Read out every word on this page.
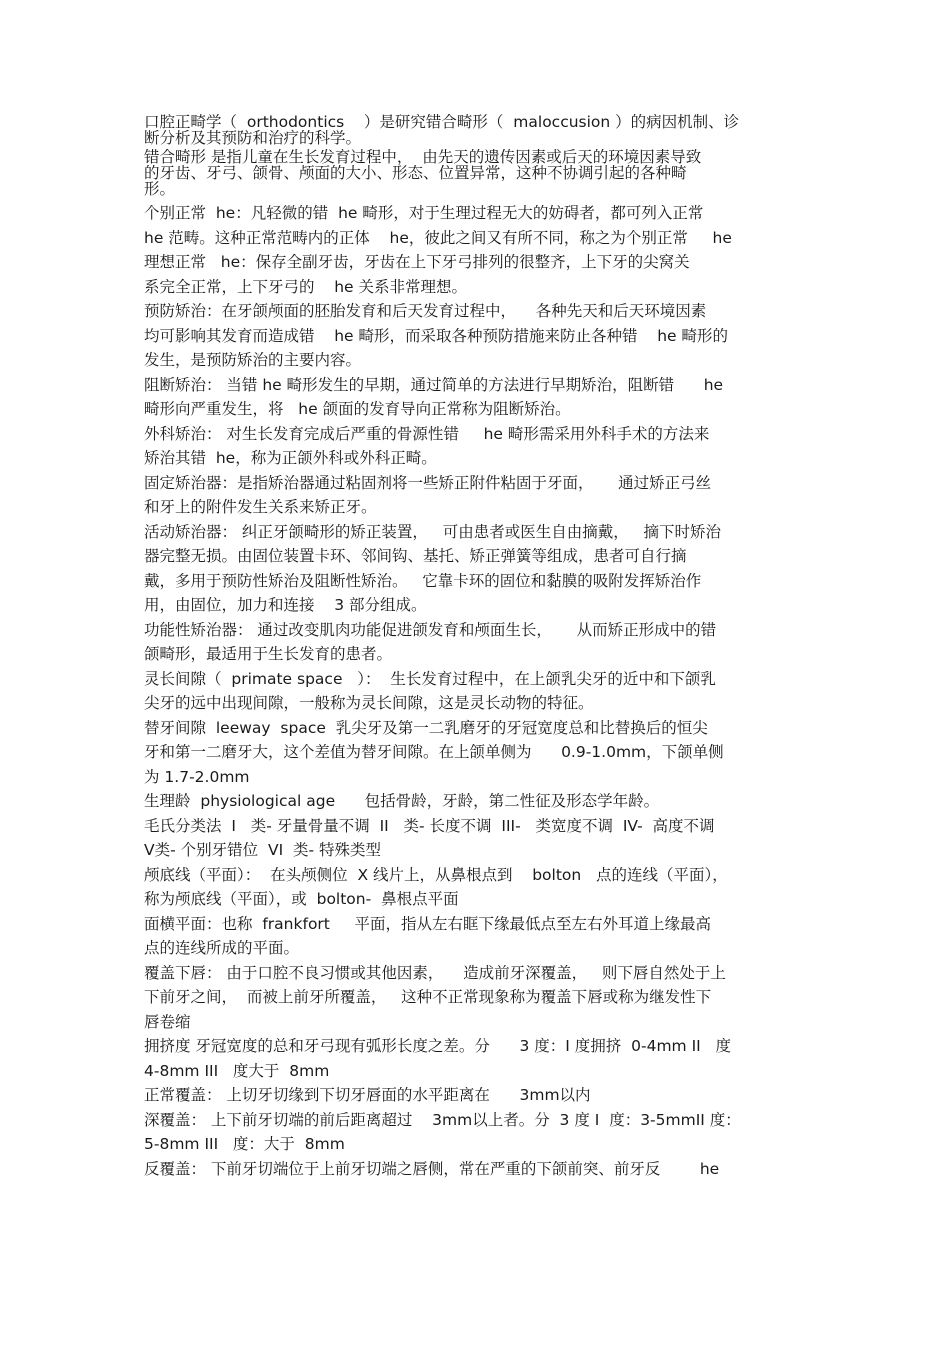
口腔正畸学（  orthodontics    ）是研究错合畸形（  maloccusion ）的病因机制、诊
断分析及其预防和治疗的科学。
错合畸形 是指儿童在生长发育过程中，  由先天的遗传因素或后天的环境因素导致
的牙齿、牙弓、颌骨、颅面的大小、形态、位置异常，这种不协调引起的各种畸
形。
个别正常  he：凡轻微的错  he 畸形，对于生理过程无大的妨碍者，都可列入正常
he 范畴。这种正常范畴内的正体    he，彼此之间又有所不同，称之为个别正常     he
理想正常   he：保存全副牙齿，牙齿在上下牙弓排列的很整齐，上下牙的尖窝关
系完全正常，上下牙弓的    he 关系非常理想。
预防矫治：在牙颌颅面的胚胎发育和后天发育过程中，    各种先天和后天环境因素
均可影响其发育而造成错    he 畸形，而采取各种预防措施来防止各种错    he 畸形的
发生，是预防矫治的主要内容。
阻断矫治： 当错 he 畸形发生的早期，通过简单的方法进行早期矫治，阻断错      he
畸形向严重发生，将   he 颌面的发育导向正常称为阻断矫治。
外科矫治： 对生长发育完成后严重的骨源性错     he 畸形需采用外科手术的方法来
矫治其错  he，称为正颌外科或外科正畸。
固定矫治器：是指矫治器通过粘固剂将一些矫正附件粘固于牙面，     通过矫正弓丝
和牙上的附件发生关系来矫正牙。
活动矫治器： 纠正牙颌畸形的矫正装置，   可由患者或医生自由摘戴，   摘下时矫治
器完整无损。由固位装置卡环、邻间钩、基托、矫正弹簧等组成，患者可自行摘
戴，多用于预防性矫治及阻断性矫治。   它靠卡环的固位和黏膜的吸附发挥矫治作
用，由固位，加力和连接    3 部分组成。
功能性矫治器： 通过改变肌肉功能促进颌发育和颅面生长，     从而矫正形成中的错
颌畸形，最适用于生长发育的患者。
灵长间隙（  primate space   ）：  生长发育过程中，在上颌乳尖牙的近中和下颌乳
尖牙的远中出现间隙，一般称为灵长间隙，这是灵长动物的特征。
替牙间隙  leeway  space  乳尖牙及第一二乳磨牙的牙冠宽度总和比替换后的恒尖
牙和第一二磨牙大，这个差值为替牙间隙。在上颌单侧为      0.9-1.0mm，下颌单侧
为 1.7-2.0mm
生理龄  physiological age      包括骨龄，牙龄，第二性征及形态学年龄。
毛氏分类法  I   类- 牙量骨量不调  II   类- 长度不调  III-   类宽度不调  IV-  高度不调
V类- 个别牙错位  VI  类- 特殊类型
颅底线（平面）：  在头颅侧位  X 线片上，从鼻根点到    bolton   点的连线（平面），
称为颅底线（平面），或  bolton-  鼻根点平面
面横平面：也称  frankfort     平面，指从左右眶下缘最低点至左右外耳道上缘最高
点的连线所成的平面。
覆盖下唇： 由于口腔不良习惯或其他因素，    造成前牙深覆盖，   则下唇自然处于上
下前牙之间，  而被上前牙所覆盖，   这种不正常现象称为覆盖下唇或称为继发性下
唇卷缩
拥挤度 牙冠宽度的总和牙弓现有弧形长度之差。分      3 度：I 度拥挤  0-4mm II   度
4-8mm III   度大于  8mm
正常覆盖： 上切牙切缘到下切牙唇面的水平距离在      3mm以内
深覆盖： 上下前牙切端的前后距离超过    3mm以上者。分  3 度 I  度：3-5mmII 度：
5-8mm III   度：大于  8mm
反覆盖： 下前牙切端位于上前牙切端之唇侧，常在严重的下颌前突、前牙反        he
